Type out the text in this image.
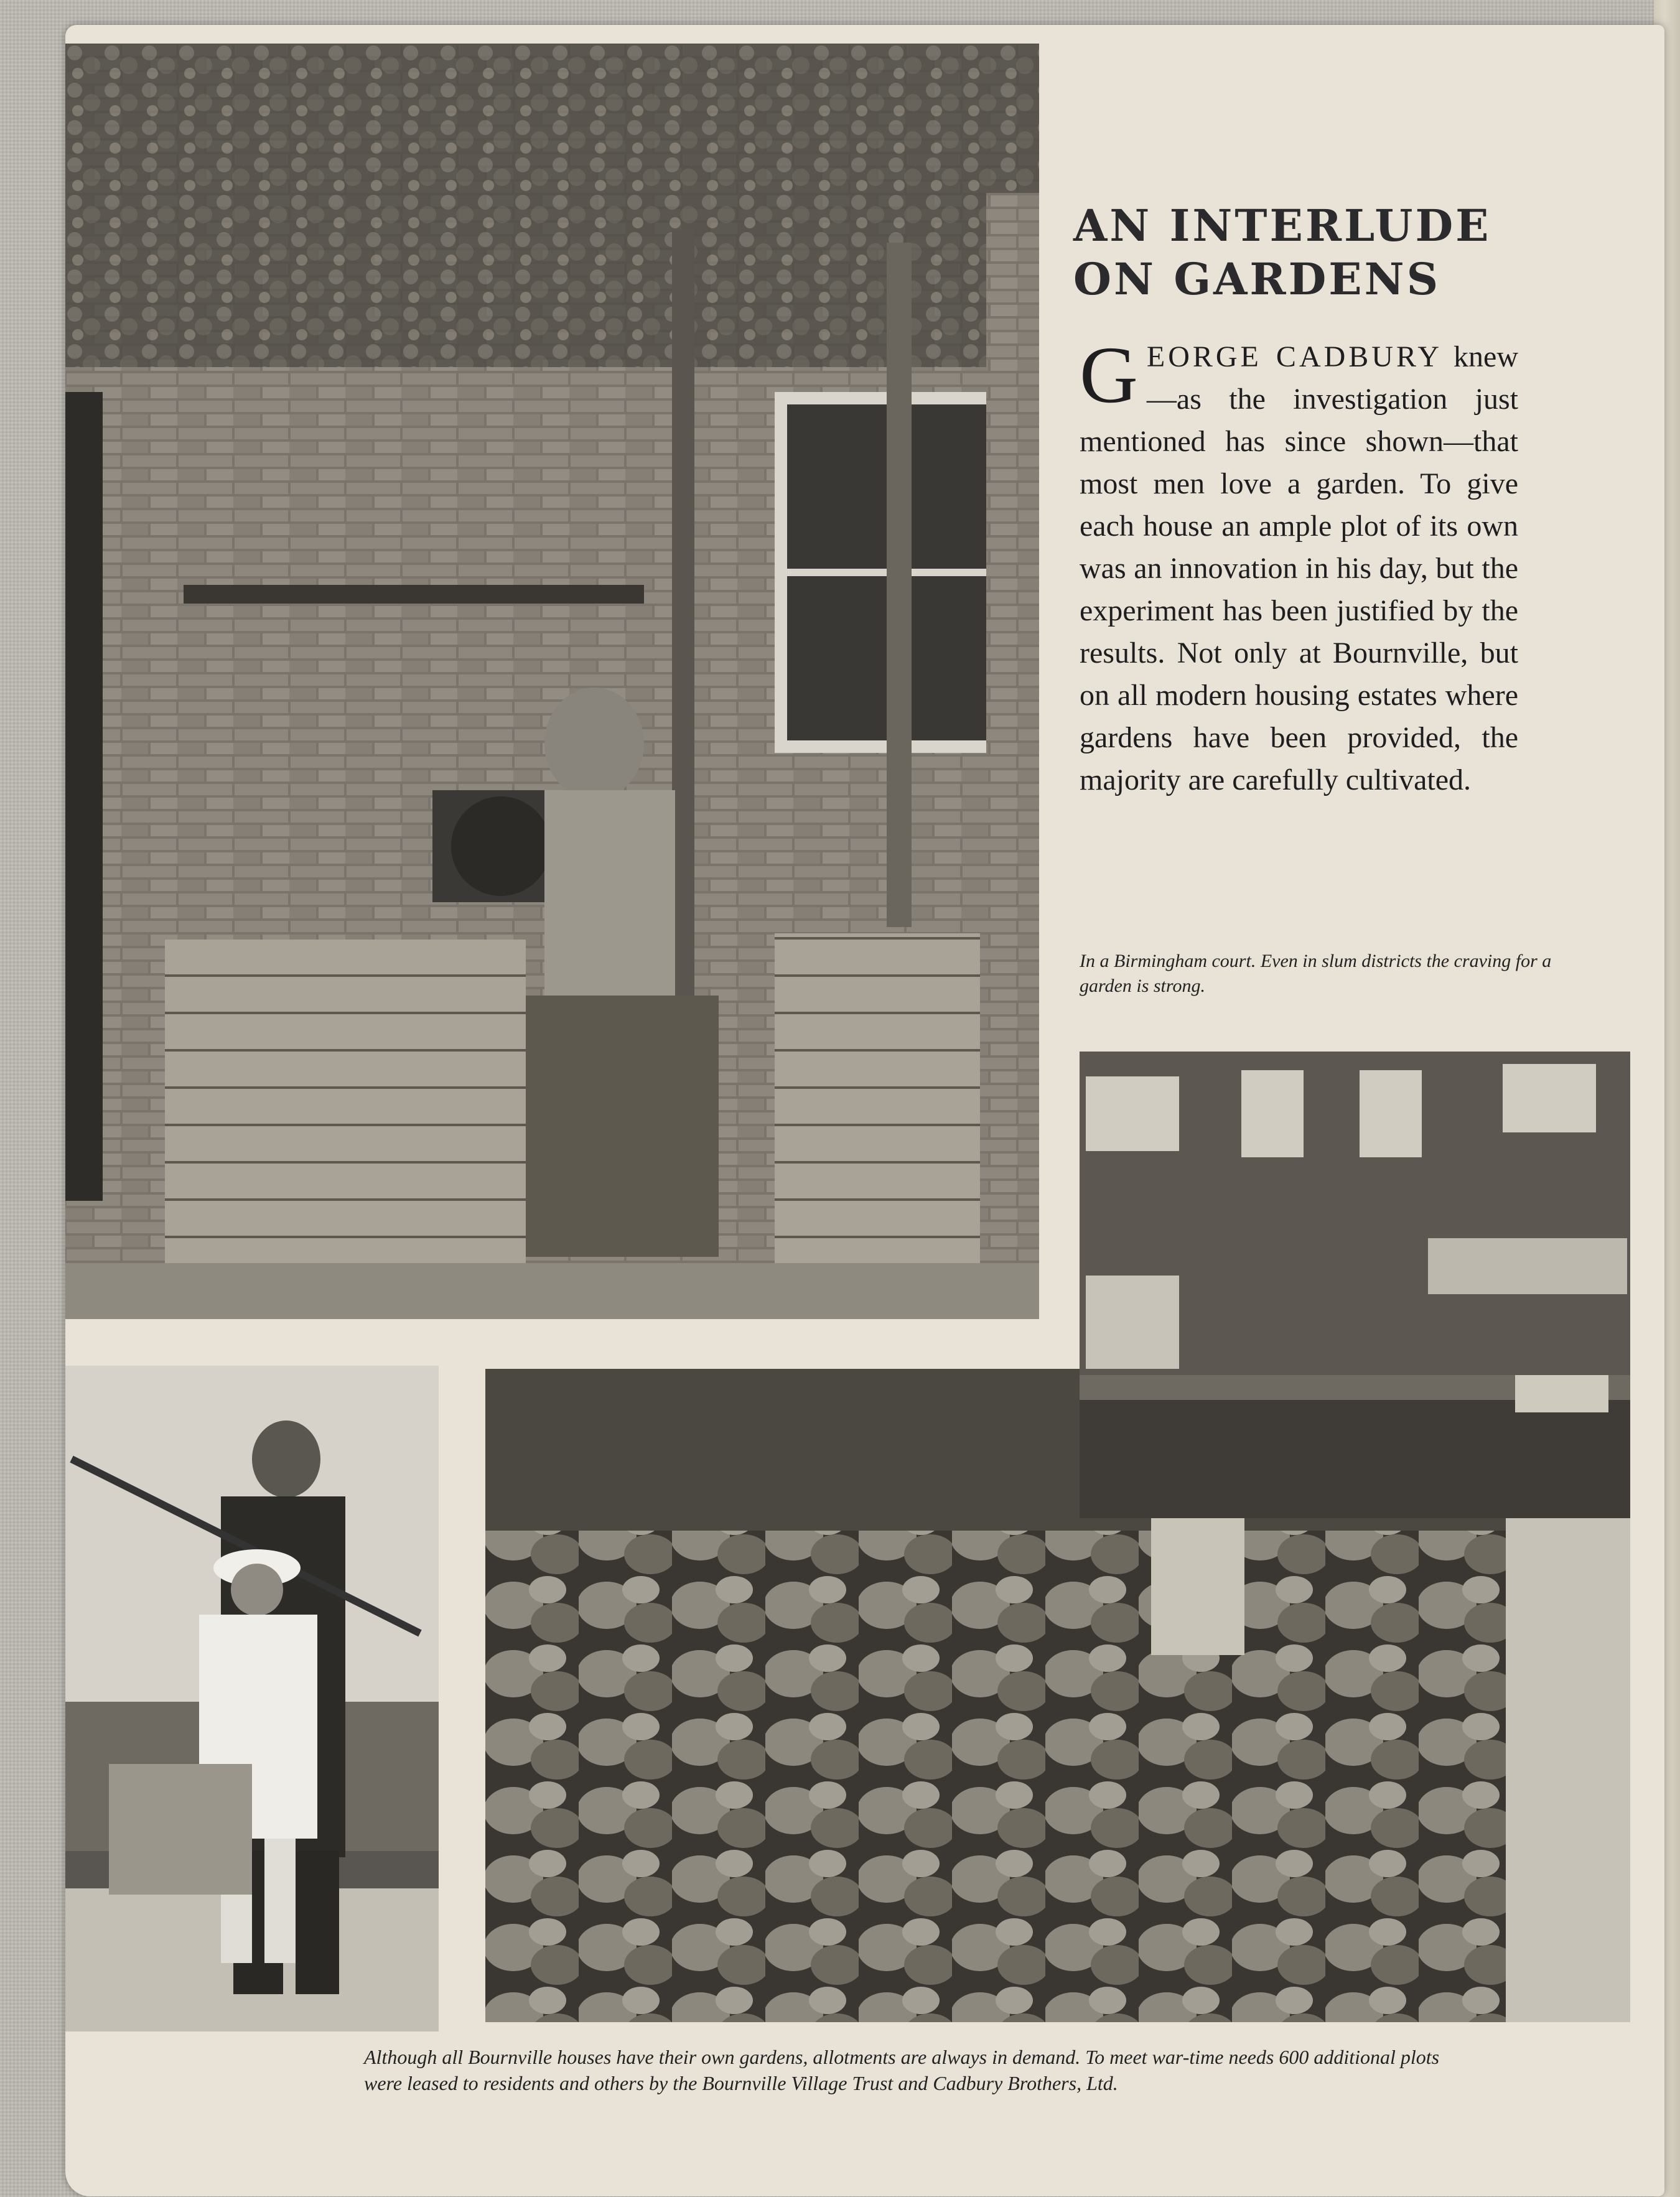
AN INTERLUDE
ON GARDENS
GEORGE CADBURY knew—as the investigation just mentioned has since shown—that most men love a garden. To give each house an ample plot of its own was an innovation in his day, but the experiment has been justified by the results. Not only at Bournville, but on all modern housing estates where gardens have been provided, the majority are carefully cultivated.
In a Birmingham court. Even in slum districts the craving for a garden is strong.
Although all Bournville houses have their own gardens, allotments are always in demand. To meet war-time needs 600 additional plots were leased to residents and others by the Bournville Village Trust and Cadbury Brothers, Ltd.
